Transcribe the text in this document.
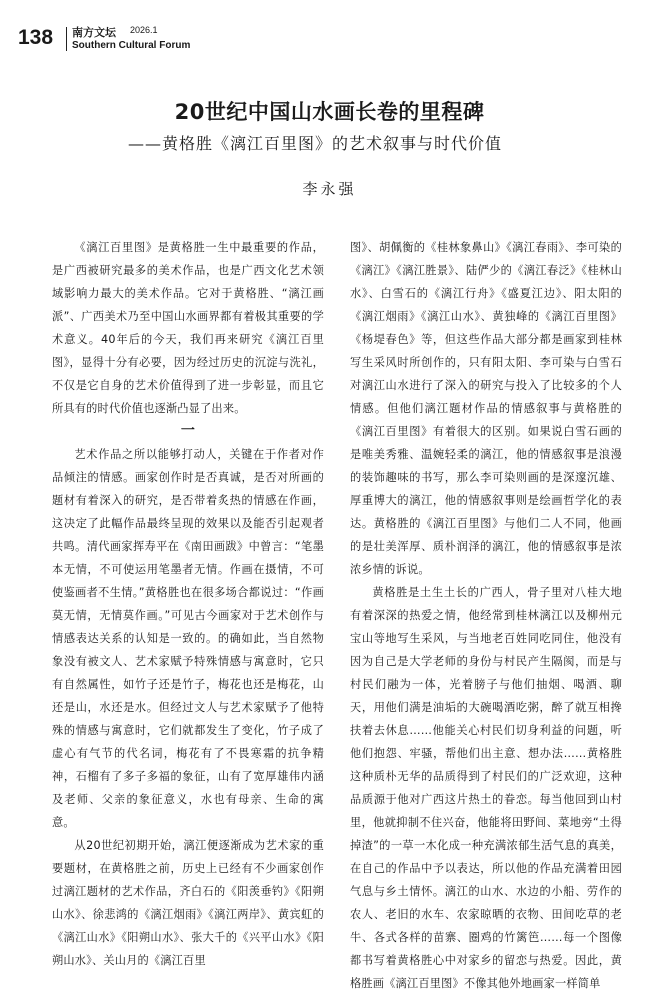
138 南方文坛 2026.1
Southern Cultural Forum
20世纪中国山水画长卷的里程碑
——黄格胜《漓江百里图》的艺术叙事与时代价值
李永强

《漓江百里图》是黄格胜一生中最重要的作品，是广西被研究最多的美术作品，也是广西文化艺术领域影响力最大的美术作品。它对于黄格胜、“漓江画派”、广西美术乃至中国山水画界都有着极其重要的学术意义。40年后的今天，我们再来研究《漓江百里图》，显得十分有必要，因为经过历史的沉淀与洗礼，不仅是它自身的艺术价值得到了进一步彰显，而且它所具有的时代价值也逐渐凸显了出来。

一

艺术作品之所以能够打动人，关键在于作者对作品倾注的情感。画家创作时是否真诚，是否对所画的题材有着深入的研究，是否带着炙热的情感在作画，这决定了此幅作品最终呈现的效果以及能否引起观者共鸣。清代画家挥寿平在《南田画跋》中曾言：“笔墨本无情，不可使运用笔墨者无情。作画在摄情，不可使鉴画者不生情。”黄格胜也在很多场合都说过：“作画莫无情，无情莫作画。”可见古今画家对于艺术创作与情感表达关系的认知是一致的。的确如此，当自然物象没有被文人、艺术家赋予特殊情感与寓意时，它只有自然属性，如竹子还是竹子，梅花也还是梅花，山还是山，水还是水。但经过文人与艺术家赋予了他特殊的情感与寓意时，它们就都发生了变化，竹子成了虚心有气节的代名词，梅花有了不畏寒霜的抗争精神，石榴有了多子多福的象征，山有了宽厚雄伟内涵及老师、父亲的象征意义，水也有母亲、生命的寓意。

从20世纪初期开始，漓江便逐渐成为艺术家的重要题材，在黄格胜之前，历史上已经有不少画家创作过漓江题材的艺术作品，齐白石的《阳羡垂钓》《阳朔山水》、徐悲鸿的《漓江烟雨》《漓江两岸》、黄宾虹的《漓江山水》《阳朔山水》、张大千的《兴平山水》《阳朔山水》、关山月的《漓江百里

图》、胡佩衡的《桂林象鼻山》《漓江春雨》、李可染的《漓江》《漓江胜景》、陆俨少的《漓江春泛》《桂林山水》、白雪石的《漓江行舟》《盛夏江边》、阳太阳的《漓江烟雨》《漓江山水》、黄独峰的《漓江百里图》《杨堤春色》等，但这些作品大部分都是画家到桂林写生采风时所创作的，只有阳太阳、李可染与白雪石对漓江山水进行了深入的研究与投入了比较多的个人情感。但他们漓江题材作品的情感叙事与黄格胜的《漓江百里图》有着很大的区别。如果说白雪石画的是唯美秀雅、温婉轻柔的漓江，他的情感叙事是浪漫的装饰趣味的书写，那么李可染则画的是深邃沉雄、厚重博大的漓江，他的情感叙事则是绘画哲学化的表达。黄格胜的《漓江百里图》与他们二人不同，他画的是壮美浑厚、质朴润泽的漓江，他的情感叙事是浓浓乡情的诉说。

黄格胜是土生土长的广西人，骨子里对八桂大地有着深深的热爱之情，他经常到桂林漓江以及柳州元宝山等地写生采风，与当地老百姓同吃同住，他没有因为自己是大学老师的身份与村民产生隔阂，而是与村民们融为一体，光着膀子与他们抽烟、喝酒、聊天，用他们满是油垢的大碗喝酒吃粥，醉了就互相搀扶着去休息……他能关心村民们切身利益的问题，听他们抱怨、牢骚，帮他们出主意、想办法……黄格胜这种质朴无华的品质得到了村民们的广泛欢迎，这种品质源于他对广西这片热土的眷恋。每当他回到山村里，他就抑制不住兴奋，他能将田野间、菜地旁“土得掉渣”的一草一木化成一种充满浓郁生活气息的真美，在自己的作品中予以表达，所以他的作品充满着田园气息与乡土情怀。漓江的山水、水边的小船、劳作的农人、老旧的水车、农家晾晒的衣物、田间吃草的老牛、各式各样的苗寨、圈鸡的竹篱笆……每一个图像都书写着黄格胜心中对家乡的留恋与热爱。因此，黄格胜画《漓江百里图》不像其他外地画家一样简单
